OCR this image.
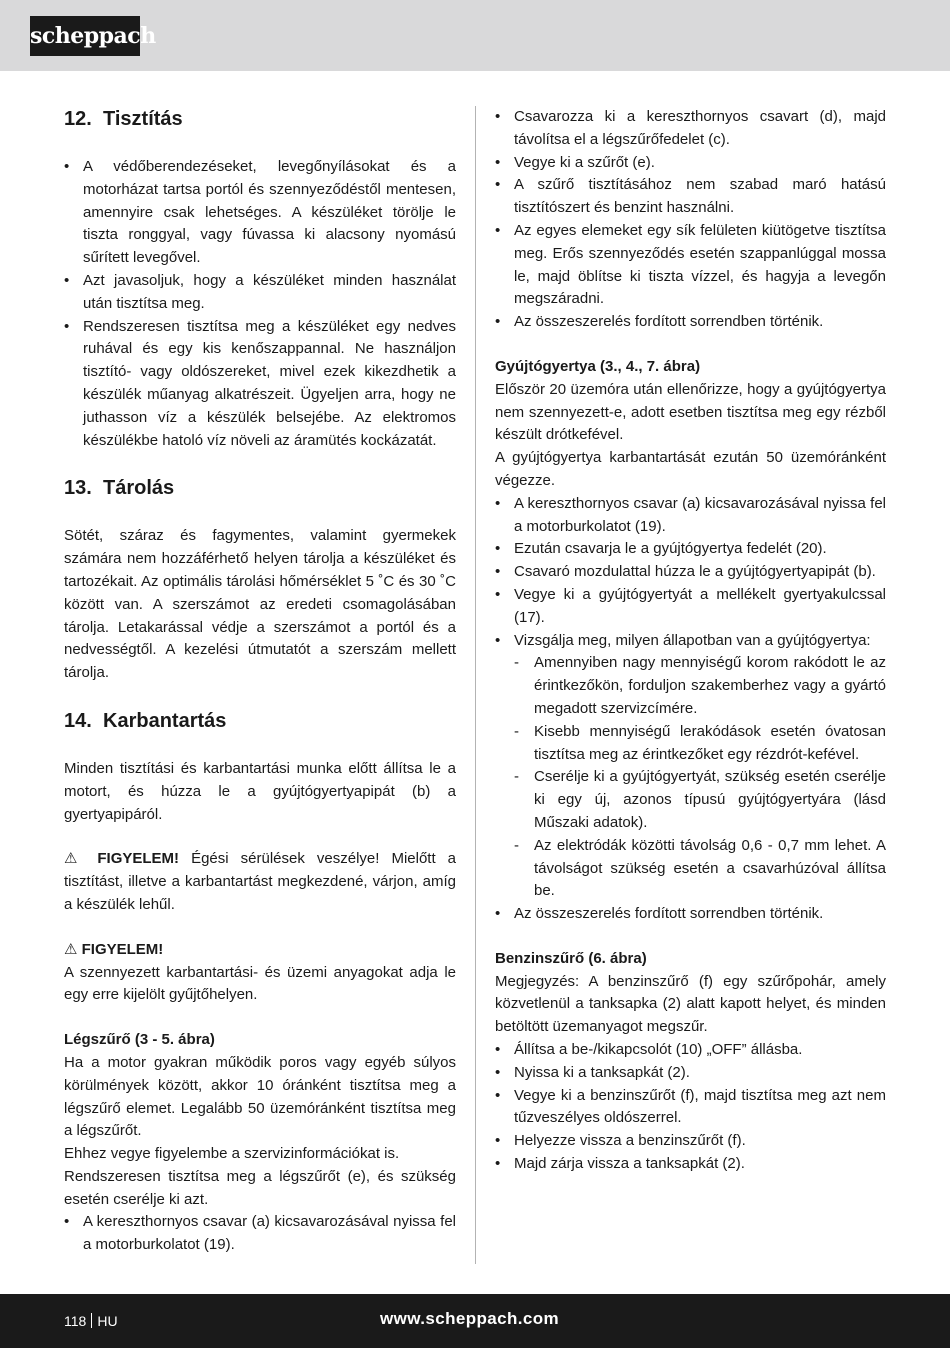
scheppach
12. Tisztítás
• A védőberendezéseket, levegőnyílásokat és a motorházat tartsa portól és szennyeződéstől mentesen, amennyire csak lehetséges. A készüléket törölje le tiszta ronggyal, vagy fúvassa ki alacsony nyomású sűrített levegővel.
• Azt javasoljuk, hogy a készüléket minden használat után tisztítsa meg.
• Rendszeresen tisztítsa meg a készüléket egy nedves ruhával és egy kis kenőszappannal. Ne használjon tisztító- vagy oldószereket, mivel ezek kikezdhetik a készülék műanyag alkatrészeit. Ügyeljen arra, hogy ne juthasson víz a készülék belsejébe. Az elektromos készülékbe hatoló víz növeli az áramütés kockázatát.
13. Tárolás

Sötét, száraz és fagymentes, valamint gyermekek számára nem hozzáférhető helyen tárolja a készüléket és tartozékait. Az optimális tárolási hőmérséklet 5 ˚C és 30 ˚C között van. A szerszámot az eredeti csomagolásában tárolja. Letakarással védje a szerszámot a portól és a nedvességtől. A kezelési útmutatót a szerszám mellett tárolja.

14. Karbantartás

Minden tisztítási és karbantartási munka előtt állítsa le a motort, és húzza le a gyújtógyertyapipát (b) a gyertyapipáról.

⚠ FIGYELEM! Égési sérülések veszélye! Mielőtt a tisztítást, illetve a karbantartást megkezdené, várjon, amíg a készülék lehűl.

⚠ FIGYELEM!

A szennyezett karbantartási- és üzemi anyagokat adja le egy erre kijelölt gyűjtőhelyen.

Légszűrő (3 - 5. ábra)

Ha a motor gyakran működik poros vagy egyéb súlyos körülmények között, akkor 10 óránként tisztítsa meg a légszűrő elemet. Legalább 50 üzemóránként tisztítsa meg a légszűrőt.

Ehhez vegye figyelembe a szervizinformációkat is.

Rendszeresen tisztítsa meg a légszűrőt (e), és szükség esetén cserélje ki azt.

• A kereszthornyos csavar (a) kicsavarozásával nyissa fel a motorburkolatot (19).
• Csavarozza ki a kereszthornyos csavart (d), majd távolítsa el a légszűrőfedelet (c).
• Vegye ki a szűrőt (e).
• A szűrő tisztításához nem szabad maró hatású tisztítószert és benzint használni.
• Az egyes elemeket egy sík felületen kiütögetve tisztítsa meg. Erős szennyeződés esetén szappanlúggal mossa le, majd öblítse ki tiszta vízzel, és hagyja a levegőn megszáradni.
• Az összeszerelés fordított sorrendben történik.

Gyújtógyertya (3., 4., 7. ábra)

Először 20 üzemóra után ellenőrizze, hogy a gyújtógyertya nem szennyezett-e, adott esetben tisztítsa meg egy rézből készült drótkefével.

A gyújtógyertya karbantartását ezután 50 üzemóránként végezze.

• A kereszthornyos csavar (a) kicsavarozásával nyissa fel a motorburkolatot (19).
• Ezután csavarja le a gyújtógyertya fedelét (20).
• Csavaró mozdulattal húzza le a gyújtógyertyapipát (b).
• Vegye ki a gyújtógyertyát a mellékelt gyertyakulcssal (17).
• Vizsgálja meg, milyen állapotban van a gyújtógyertya:
- Amennyiben nagy mennyiségű korom rakódott le az érintkezőkön, forduljon szakemberhez vagy a gyártó megadott szervizcímére.
- Kisebb mennyiségű lerakódások esetén óvatosan tisztítsa meg az érintkezőket egy rézdrót-kefével.
- Cserélje ki a gyújtógyertyát, szükség esetén cserélje ki egy új, azonos típusú gyújtógyertyára (lásd Műszaki adatok).
- Az elektródák közötti távolság 0,6 - 0,7 mm lehet. A távolságot szükség esetén a csavarhúzóval állítsa be.
• Az összeszerelés fordított sorrendben történik.

Benzinszűrő (6. ábra)

Megjegyzés: A benzinszűrő (f) egy szűrőpohár, amely közvetlenül a tanksapka (2) alatt kapott helyet, és minden betöltött üzemanyagot megszűr.

• Állítsa a be-/kikapcsolót (10) „OFF” állásba.
• Nyissa ki a tanksapkát (2).
• Vegye ki a benzinszűrőt (f), majd tisztítsa meg azt nem tűzveszélyes oldószerrel.
• Helyezze vissza a benzinszűrőt (f).
• Majd zárja vissza a tanksapkát (2).
118 HU	www.scheppach.com
